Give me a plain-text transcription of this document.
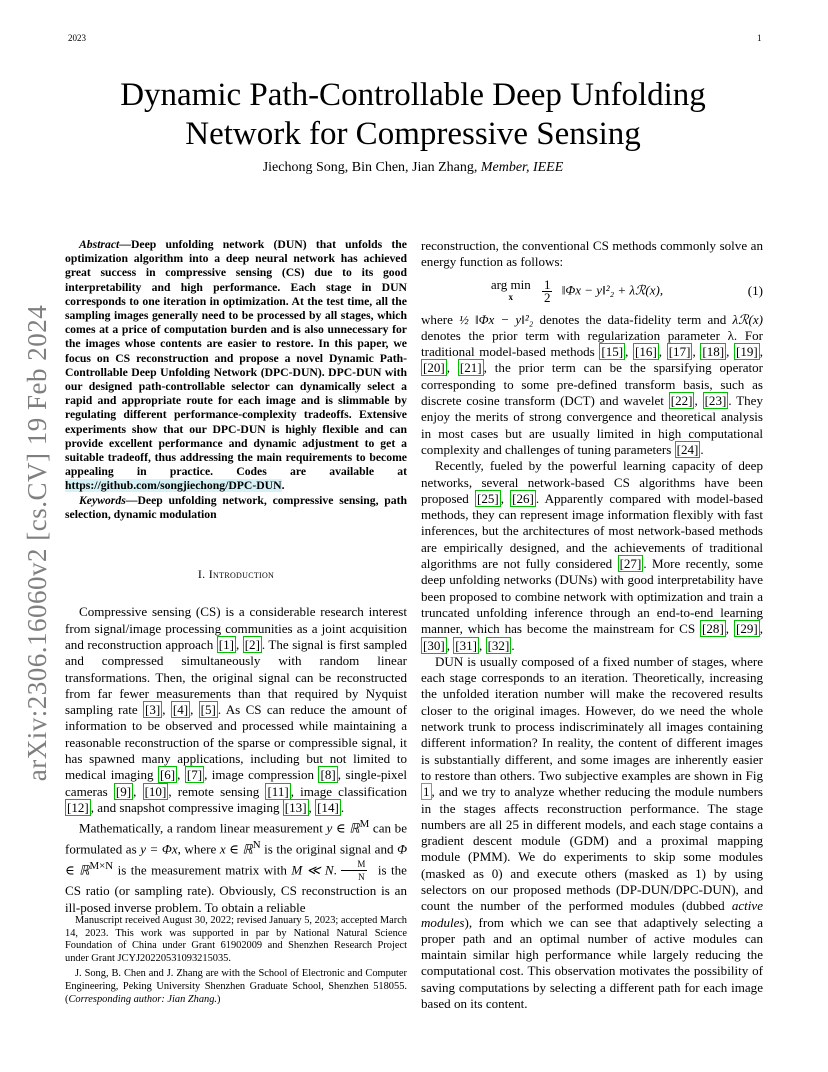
2023	1
arXiv:2306.16060v2 [cs.CV] 19 Feb 2024
Dynamic Path-Controllable Deep Unfolding
Network for Compressive Sensing
Jiechong Song, Bin Chen, Jian Zhang, Member, IEEE

Abstract—Deep unfolding network (DUN) that unfolds the optimization algorithm into a deep neural network has achieved great success in compressive sensing (CS) due to its good interpretability and high performance. Each stage in DUN corresponds to one iteration in optimization. At the test time, all the sampling images generally need to be processed by all stages, which comes at a price of computation burden and is also unnecessary for the images whose contents are easier to restore. In this paper, we focus on CS reconstruction and propose a novel Dynamic Path-Controllable Deep Unfolding Network (DPC-DUN). DPC-DUN with our designed path-controllable selector can dynamically select a rapid and appropriate route for each image and is slimmable by regulating different performance-complexity tradeoffs. Extensive experiments show that our DPC-DUN is highly flexible and can provide excellent performance and dynamic adjustment to get a suitable tradeoff, thus addressing the main requirements to become appealing in practice. Codes are available at https://github.com/songjiechong/DPC-DUN.

Keywords—Deep unfolding network, compressive sensing, path selection, dynamic modulation

I. Introduction

Compressive sensing (CS) is a considerable research interest from signal/image processing communities as a joint acquisition and reconstruction approach [1] , [2] . The signal is first sampled and compressed simultaneously with random linear transformations. Then, the original signal can be reconstructed from far fewer measurements than that required by Nyquist sampling rate [3] , [4] , [5] . As CS can reduce the amount of information to be observed and processed while maintaining a reasonable reconstruction of the sparse or compressible signal, it has spawned many applications, including but not limited to medical imaging [6] , [7] , image compression [8] , single-pixel cameras [9] , [10] , remote sensing [11] , image classification [12] , and snapshot compressive imaging [13] , [14] .

Mathematically, a random linear measurement y ∈ ℝ$^M$ can be formulated as y = Φx, where x ∈ ℝ$^N$ is the original signal and Φ ∈ ℝ$^{M\times N}$ is the measurement matrix with M ≪ N. $\frac{M}{N}$ is the CS ratio (or sampling rate). Obviously, CS reconstruction is an ill-posed inverse problem. To obtain a reliable

Manuscript received August 30, 2022; revised January 5, 2023; accepted March 14, 2023. This work was supported in par by National Natural Science Foundation of China under Grant 61902009 and Shenzhen Research Project under Grant JCYJ20220531093215035.

J. Song, B. Chen and J. Zhang are with the School of Electronic and Computer Engineering, Peking University Shenzhen Graduate School, Shenzhen 518055. (Corresponding author: Jian Zhang.)

reconstruction, the conventional CS methods commonly solve an energy function as follows:

arg min
x
	$\frac{1}{2}$ ‖Φx − y‖²₂ + λℛ(x),	(1)

where ½ ‖Φx − y‖²₂ denotes the data-fidelity term and λℛ(x) denotes the prior term with regularization parameter λ. For traditional model-based methods [15] , [16] , [17] , [18] , [19] , [20] , [21] , the prior term can be the sparsifying operator corresponding to some pre-defined transform basis, such as discrete cosine transform (DCT) and wavelet [22] , [23] . They enjoy the merits of strong convergence and theoretical analysis in most cases but are usually limited in high computational complexity and challenges of tuning parameters [24] .

Recently, fueled by the powerful learning capacity of deep networks, several network-based CS algorithms have been proposed [25] , [26] . Apparently compared with model-based methods, they can represent image information flexibly with fast inferences, but the architectures of most network-based methods are empirically designed, and the achievements of traditional algorithms are not fully considered [27] . More recently, some deep unfolding networks (DUNs) with good interpretability have been proposed to combine network with optimization and train a truncated unfolding inference through an end-to-end learning manner, which has become the mainstream for CS [28] , [29] , [30] , [31] , [32] .

DUN is usually composed of a fixed number of stages, where each stage corresponds to an iteration. Theoretically, increasing the unfolded iteration number will make the recovered results closer to the original images. However, do we need the whole network trunk to process indiscriminately all images containing different information? In reality, the content of different images is substantially different, and some images are inherently easier to restore than others. Two subjective examples are shown in Fig 1 , and we try to analyze whether reducing the module numbers in the stages affects reconstruction performance. The stage numbers are all 25 in different models, and each stage contains a gradient descent module (GDM) and a proximal mapping module (PMM). We do experiments to skip some modules (masked as 0) and execute others (masked as 1) by using selectors on our proposed methods (DP-DUN/DPC-DUN), and count the number of the performed modules (dubbed active modules), from which we can see that adaptively selecting a proper path and an optimal number of active modules can maintain similar high performance while largely reducing the computational cost. This observation motivates the possibility of saving computations by selecting a different path for each image based on its content.
